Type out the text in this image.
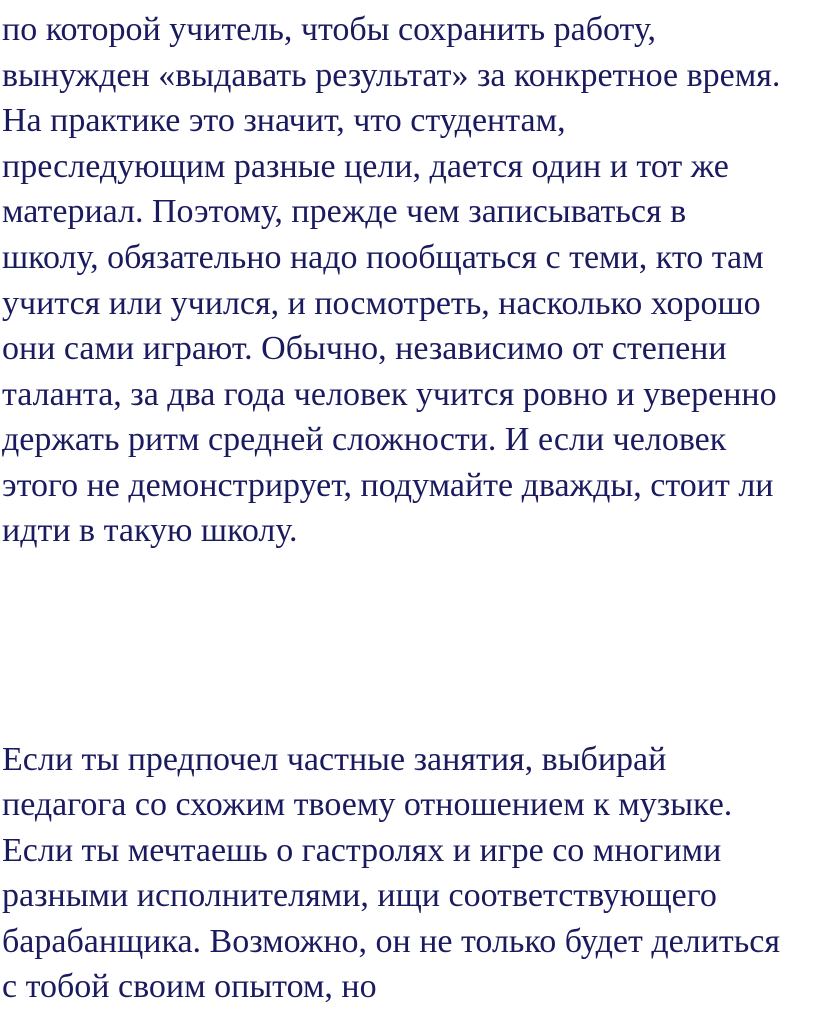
по которой учитель, чтобы сохранить работу,
вынужден «выдавать результат» за конкретное время.
На практике это значит, что студентам,
преследующим разные цели, дается один и тот же
материал. Поэтому, прежде чем записываться в
школу, обязательно надо пообщаться с теми, кто там
учится или учился, и посмотреть, насколько хорошо
они сами играют. Обычно, независимо от степени
таланта, за два года человек учится ровно и уверенно
держать ритм средней сложности. И если человек
этого не демонстрирует, подумайте дважды, стоит ли
идти в такую школу.
Если ты предпочел частные занятия, выбирай
педагога со схожим твоему отношением к музыке.
Если ты мечтаешь о гастролях и игре со многими
разными исполнителями, ищи соответствующего
барабанщика. Возможно, он не только будет делиться
с тобой своим опытом, но
